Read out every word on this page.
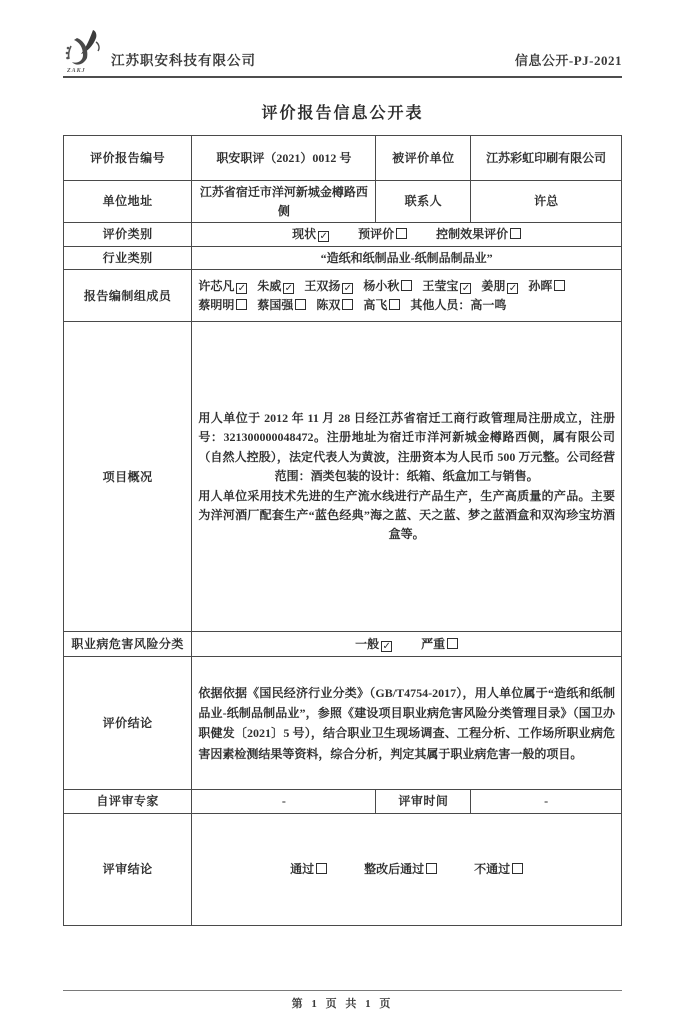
ZAKJ
江苏职安科技有限公司	信息公开-PJ-2021
评价报告信息公开表
评价报告编号	职安职评（2021）0012 号	被评价单位	江苏彩虹印刷有限公司
单位地址	江苏省宿迁市洋河新城金樽路西侧	联系人	许总
评价类别	现状 ✓ 预评价 控制效果评价		
行业类别	“造纸和纸制品业-纸制品制品业”		
报告编制组成员	许芯凡 ✓ 朱威 ✓ 王双扬 ✓ 杨小秋 王莹宝 ✓ 姜朋 ✓ 孙晖 蔡明明 蔡国强 陈双 高飞 其他人员：高一鸣		
项目概况	用人单位于 2012 年 11 月 28 日经江苏省宿迁工商行政管理局注册成立，注册号：321300000048472。注册地址为宿迁市洋河新城金樽路西侧，属有限公司（自然人控股），法定代表人为黄波，注册资本为人民币 500 万元整。公司经营范围：酒类包装的设计：纸箱、纸盒加工与销售。
用人单位采用技术先进的生产流水线进行产品生产，生产高质量的产品。主要为洋河酒厂配套生产“蓝色经典”海之蓝、天之蓝、梦之蓝酒盒和双沟珍宝坊酒盒等。		

职业病危害风险分类	一般 ✓ 严重		
评价结论	依据依据《国民经济行业分类》（GB/T4754-2017），用人单位属于“造纸和纸制品业-纸制品制品业”，参照《建设项目职业病危害风险分类管理目录》（国卫办职健发〔2021〕5 号），结合职业卫生现场调查、工程分析、工作场所职业病危害因素检测结果等资料，综合分析，判定其属于职业病危害一般的项目。		

自评审专家	-	评审时间	-
评审结论	通过 整改后通过 不通过		
第 1 页 共 1 页
